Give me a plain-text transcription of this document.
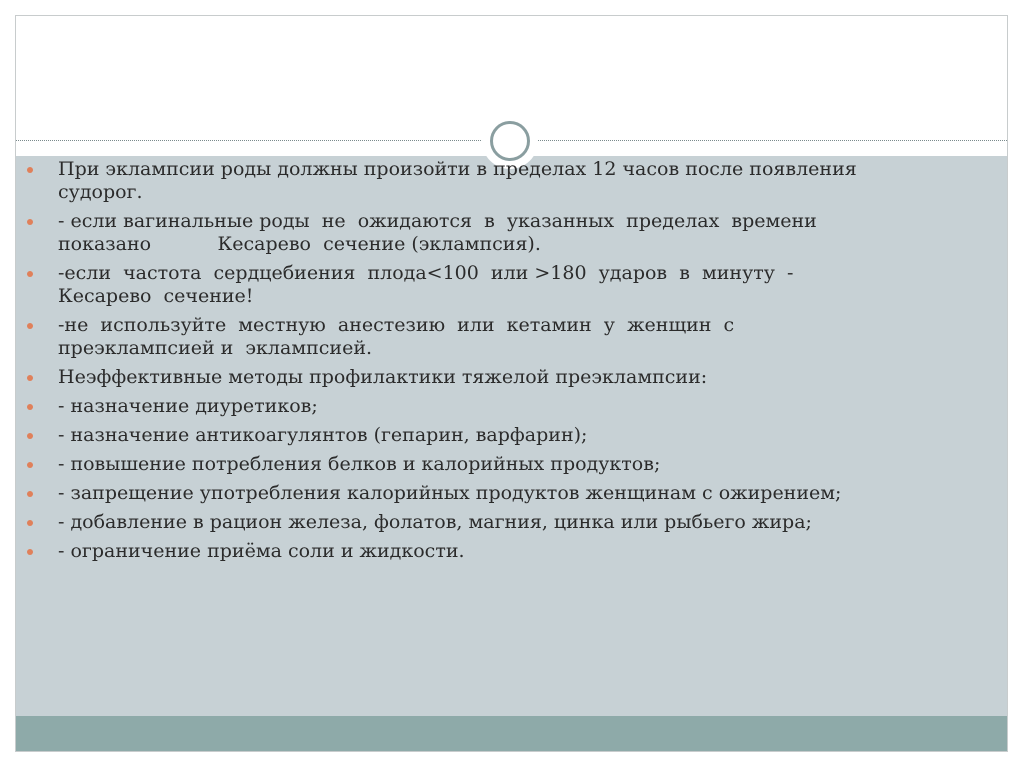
При эклампсии роды должны произойти в пределах 12 часов после появления
судорог.
- если вагинальные роды  не  ожидаются  в  указанных  пределах  времени
показано           Кесарево  сечение (эклампсия).
-если  частота  сердцебиения  плода<100  или >180  ударов  в  минуту  -
Кесарево  сечение!
-не  используйте  местную  анестезию  или  кетамин  у  женщин  с
преэклампсией и  эклампсией.
Неэффективные методы профилактики тяжелой преэклампсии:
- назначение диуретиков;
- назначение антикоагулянтов (гепарин, варфарин);
- повышение потребления белков и калорийных продуктов;
- запрещение употребления калорийных продуктов женщинам с ожирением;
- добавление в рацион железа, фолатов, магния, цинка или рыбьего жира;
- ограничение приёма соли и жидкости.
